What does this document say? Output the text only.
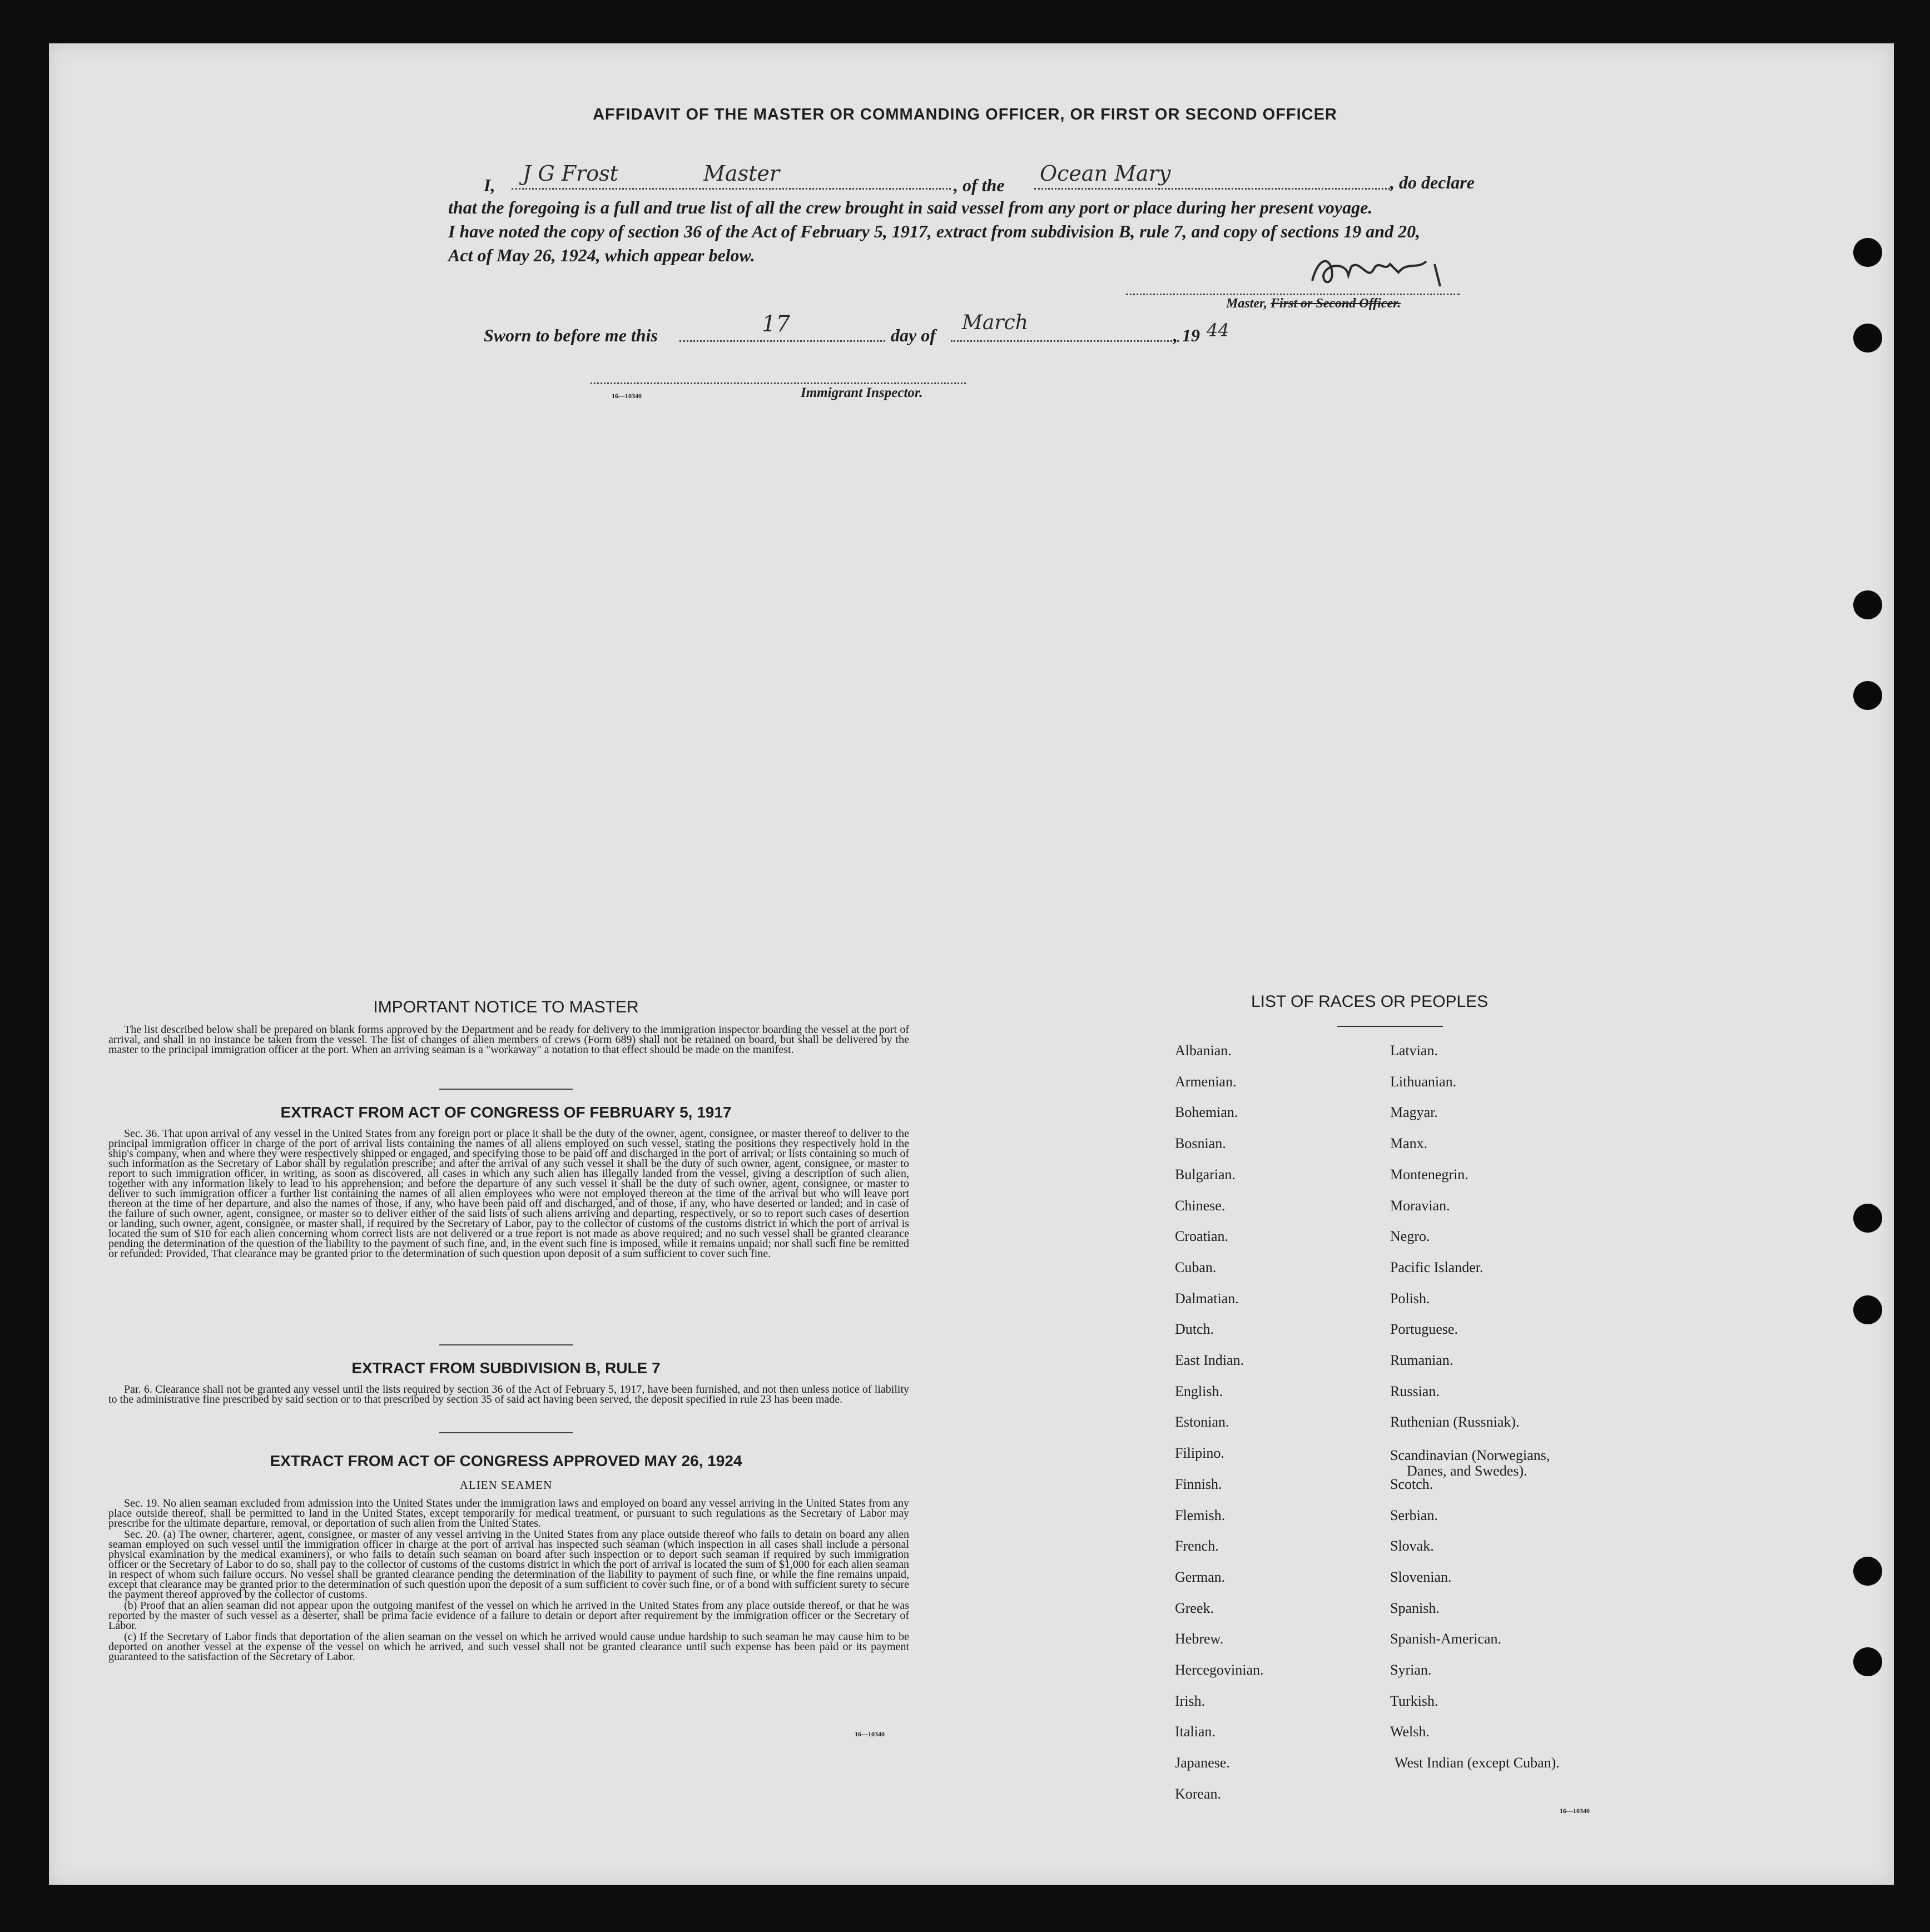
AFFIDAVIT OF THE MASTER OR COMMANDING OFFICER, OR FIRST OR SECOND OFFICER
I, J G Frost	Master	, of the Ocean Mary	, do declare
that the foregoing is a full and true list of all the crew brought in said vessel from any port or place during her present voyage.
I have noted the copy of section 36 of the Act of February 5, 1917, extract from subdivision B, rule 7, and copy of sections 19 and 20,
Act of May 26, 1924, which appear below.
Master, First or Second Officer.
Sworn to before me this	17	day of
March
, 19 44
16—10340	Immigrant Inspector.
IMPORTANT NOTICE TO MASTER

The list described below shall be prepared on blank forms approved by the Department and be ready for delivery to the immigration inspector boarding the vessel at the port of arrival, and shall in no instance be taken from the vessel. The list of changes of alien members of crews (Form 689) shall not be retained on board, but shall be delivered by the master to the principal immigration officer at the port. When an arriving seaman is a "workaway" a notation to that effect should be made on the manifest.

EXTRACT FROM ACT OF CONGRESS OF FEBRUARY 5, 1917

Sec. 36. That upon arrival of any vessel in the United States from any foreign port or place it shall be the duty of the owner, agent, consignee, or master thereof to deliver to the principal immigration officer in charge of the port of arrival lists containing the names of all aliens employed on such vessel, stating the positions they respectively hold in the ship's company, when and where they were respectively shipped or engaged, and specifying those to be paid off and discharged in the port of arrival; or lists containing so much of such information as the Secretary of Labor shall by regulation prescribe; and after the arrival of any such vessel it shall be the duty of such owner, agent, consignee, or master to report to such immigration officer, in writing, as soon as discovered, all cases in which any such alien has illegally landed from the vessel, giving a description of such alien, together with any information likely to lead to his apprehension; and before the departure of any such vessel it shall be the duty of such owner, agent, consignee, or master to deliver to such immigration officer a further list containing the names of all alien employees who were not employed thereon at the time of the arrival but who will leave port thereon at the time of her departure, and also the names of those, if any, who have been paid off and discharged, and of those, if any, who have deserted or landed; and in case of the failure of such owner, agent, consignee, or master so to deliver either of the said lists of such aliens arriving and departing, respectively, or so to report such cases of desertion or landing, such owner, agent, consignee, or master shall, if required by the Secretary of Labor, pay to the collector of customs of the customs district in which the port of arrival is located the sum of $10 for each alien concerning whom correct lists are not delivered or a true report is not made as above required; and no such vessel shall be granted clearance pending the determination of the question of the liability to the payment of such fine, and, in the event such fine is imposed, while it remains unpaid; nor shall such fine be remitted or refunded: Provided, That clearance may be granted prior to the determination of such question upon deposit of a sum sufficient to cover such fine.

EXTRACT FROM SUBDIVISION B, RULE 7

Par. 6. Clearance shall not be granted any vessel until the lists required by section 36 of the Act of February 5, 1917, have been furnished, and not then unless notice of liability to the administrative fine prescribed by said section or to that prescribed by section 35 of said act having been served, the deposit specified in rule 23 has been made.

EXTRACT FROM ACT OF CONGRESS APPROVED MAY 26, 1924
ALIEN SEAMEN

Sec. 19. No alien seaman excluded from admission into the United States under the immigration laws and employed on board any vessel arriving in the United States from any place outside thereof, shall be permitted to land in the United States, except temporarily for medical treatment, or pursuant to such regulations as the Secretary of Labor may prescribe for the ultimate departure, removal, or deportation of such alien from the United States.

Sec. 20. (a) The owner, charterer, agent, consignee, or master of any vessel arriving in the United States from any place outside thereof who fails to detain on board any alien seaman employed on such vessel until the immigration officer in charge at the port of arrival has inspected such seaman (which inspection in all cases shall include a personal physical examination by the medical examiners), or who fails to detain such seaman on board after such inspection or to deport such seaman if required by such immigration officer or the Secretary of Labor to do so, shall pay to the collector of customs of the customs district in which the port of arrival is located the sum of $1,000 for each alien seaman in respect of whom such failure occurs. No vessel shall be granted clearance pending the determination of the liability to payment of such fine, or while the fine remains unpaid, except that clearance may be granted prior to the determination of such question upon the deposit of a sum sufficient to cover such fine, or of a bond with sufficient surety to secure the payment thereof approved by the collector of customs.

(b) Proof that an alien seaman did not appear upon the outgoing manifest of the vessel on which he arrived in the United States from any place outside thereof, or that he was reported by the master of such vessel as a deserter, shall be prima facie evidence of a failure to detain or deport after requirement by the immigration officer or the Secretary of Labor.

(c) If the Secretary of Labor finds that deportation of the alien seaman on the vessel on which he arrived would cause undue hardship to such seaman he may cause him to be deported on another vessel at the expense of the vessel on which he arrived, and such vessel shall not be granted clearance until such expense has been paid or its payment guaranteed to the satisfaction of the Secretary of Labor.

16—10340
LIST OF RACES OR PEOPLES
Albanian.
Armenian.
Bohemian.
Bosnian.
Bulgarian.
Chinese.
Croatian.
Cuban.
Dalmatian.
Dutch.
East Indian.
English.
Estonian.
Filipino.
Finnish.
Flemish.
French.
German.
Greek.
Hebrew.
Hercegovinian.
Irish.
Italian.
Japanese.
Korean.
Latvian.
Lithuanian.
Magyar.
Manx.
Montenegrin.
Moravian.
Negro.
Pacific Islander.
Polish.
Portuguese.
Rumanian.
Russian.
Ruthenian (Russniak).
Scandinavian (Norwegians,
Danes, and Swedes).
Scotch.
Serbian.
Slovak.
Slovenian.
Spanish.
Spanish-American.
Syrian.
Turkish.
Welsh.
West Indian (except Cuban).
16—10340
